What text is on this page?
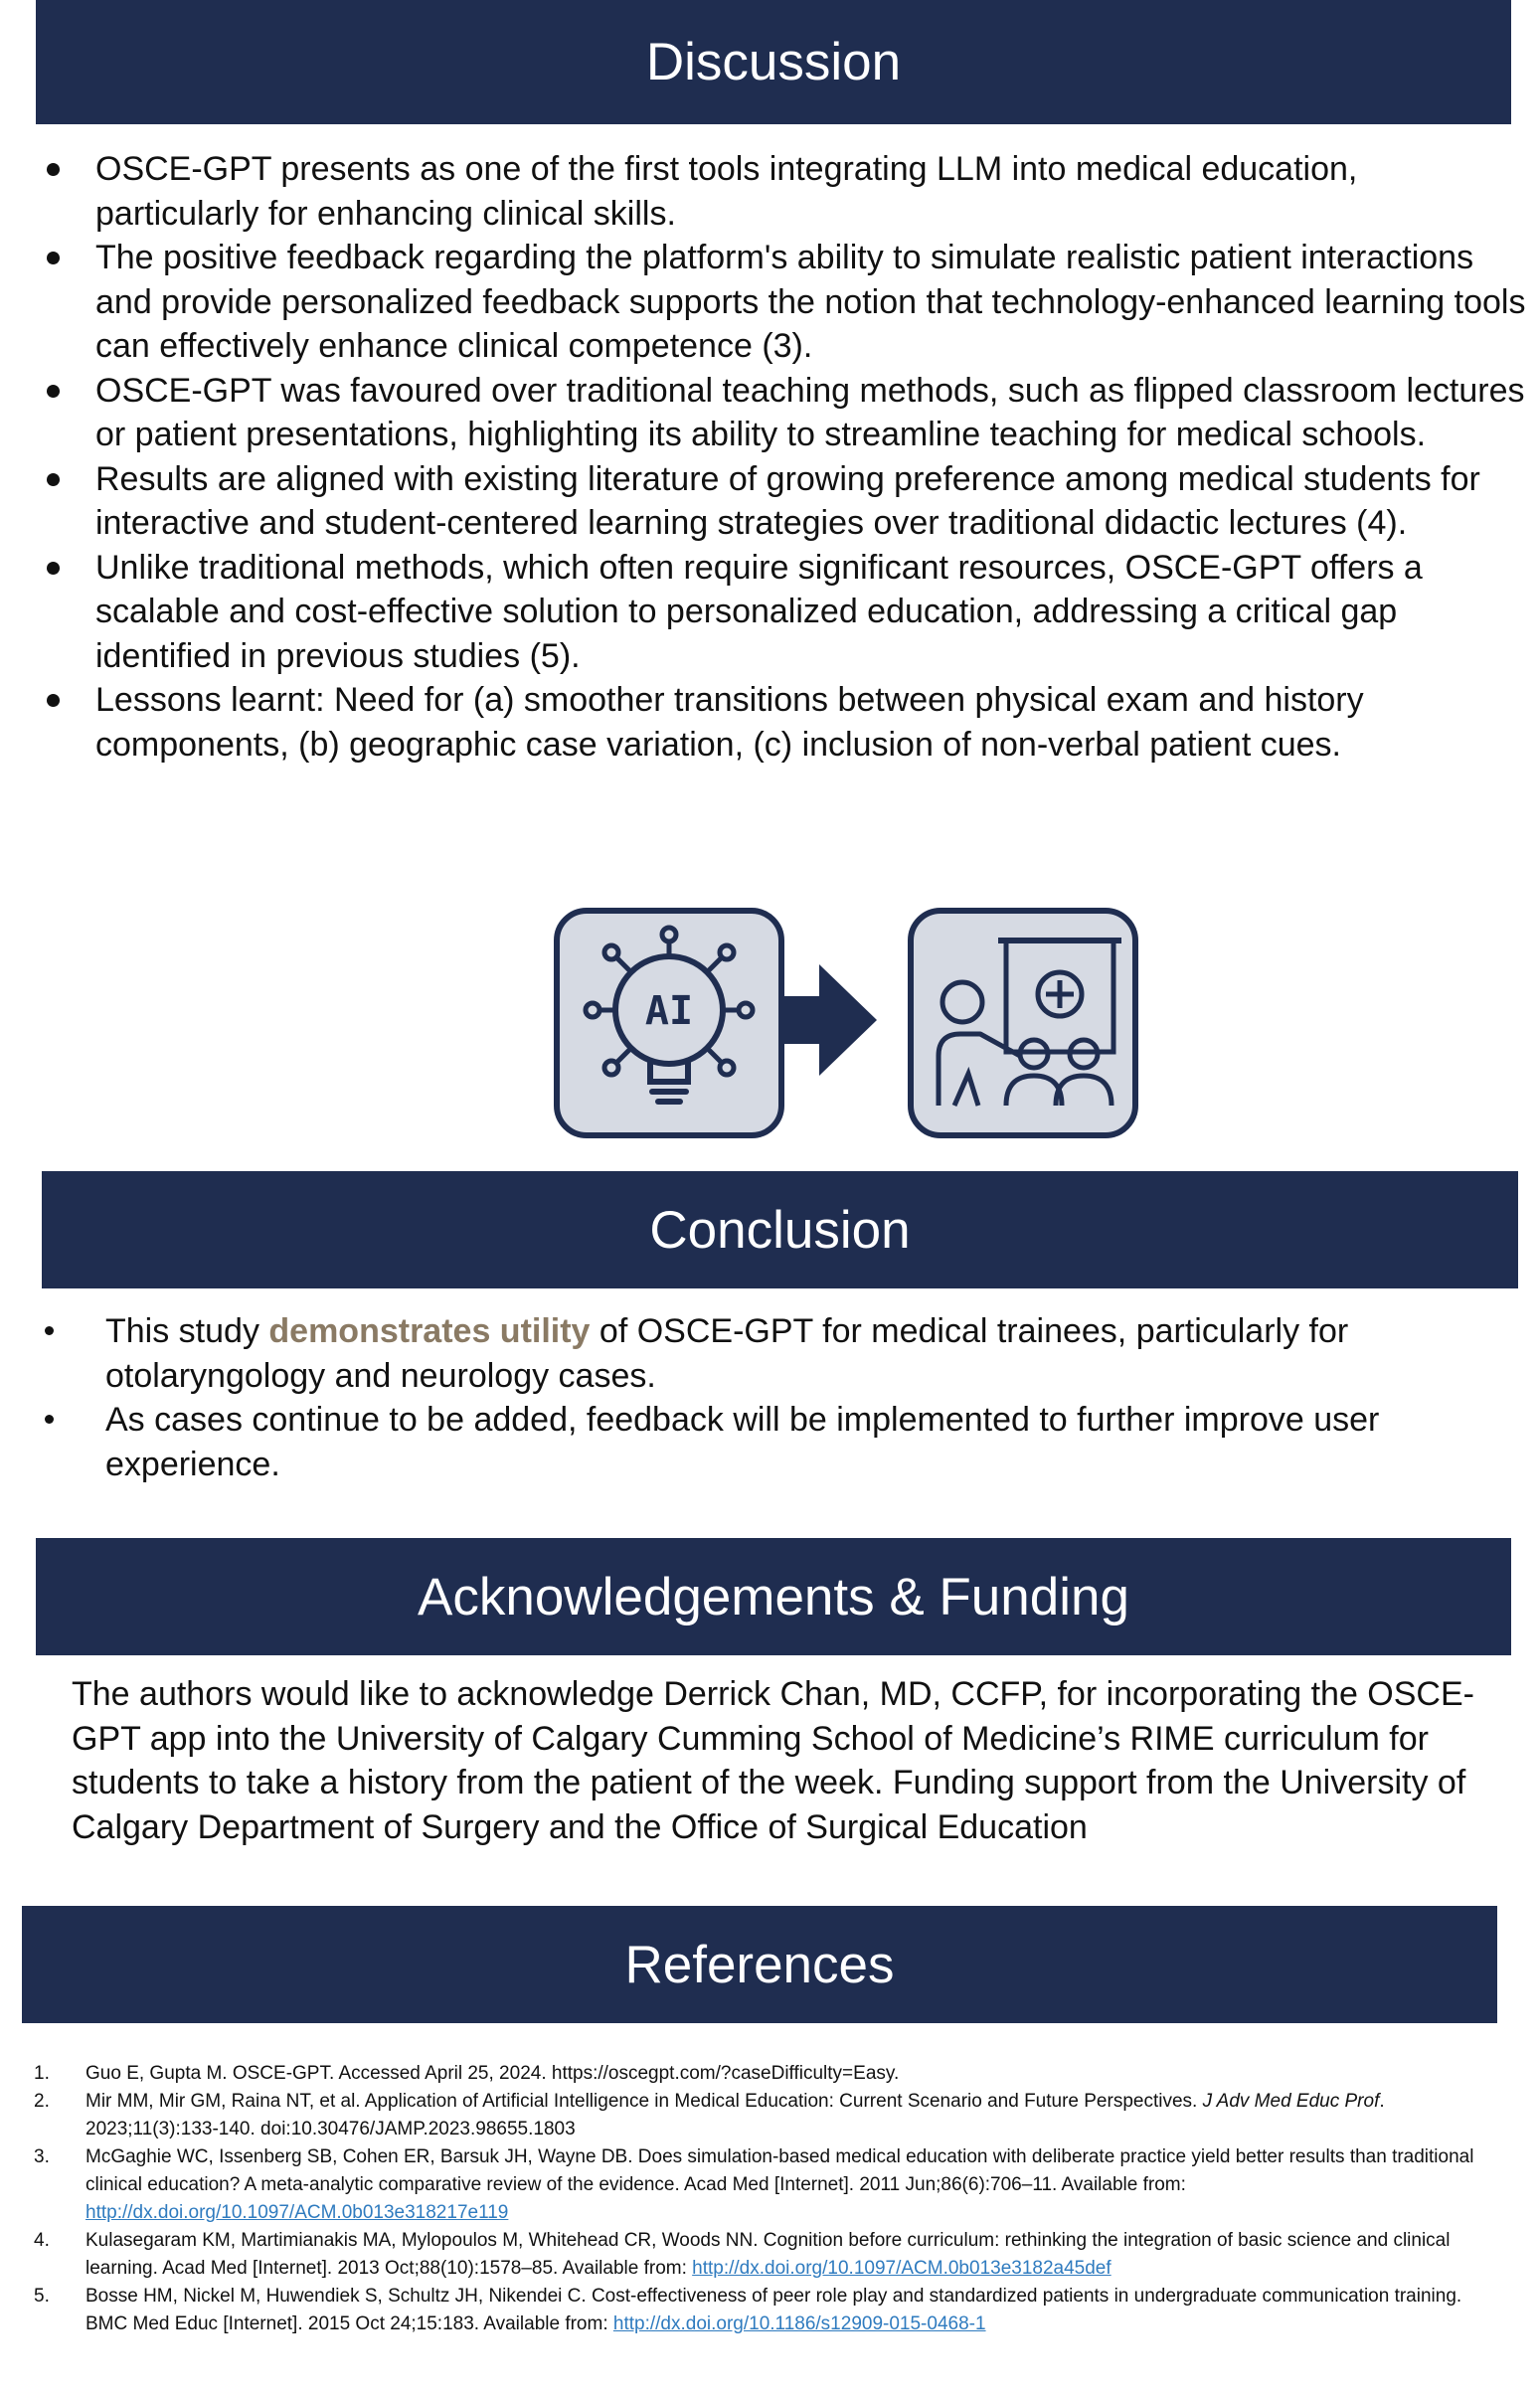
Discussion
OSCE-GPT presents as one of the first tools integrating LLM into medical education, particularly for enhancing clinical skills.
The positive feedback regarding the platform's ability to simulate realistic patient interactions and provide personalized feedback supports the notion that technology-enhanced learning tools can effectively enhance clinical competence (3).
OSCE-GPT was favoured over traditional teaching methods, such as flipped classroom lectures or patient presentations, highlighting its ability to streamline teaching for medical schools.
Results are aligned with existing literature of growing preference among medical students for interactive and student-centered learning strategies over traditional didactic lectures (4).
Unlike traditional methods, which often require significant resources, OSCE-GPT offers a scalable and cost-effective solution to personalized education, addressing a critical gap identified in previous studies (5).
Lessons learnt: Need for (a) smoother transitions between physical exam and history components, (b) geographic case variation, (c) inclusion of non-verbal patient cues.
AI
Conclusion
This study demonstrates utility of OSCE-GPT for medical trainees, particularly for otolaryngology and neurology cases.
As cases continue to be added, feedback will be implemented to further improve user experience.
Acknowledgements & Funding

The authors would like to acknowledge Derrick Chan, MD, CCFP, for incorporating the OSCE-GPT app into the University of Calgary Cumming School of Medicine’s RIME curriculum for students to take a history from the patient of the week. Funding support from the University of Calgary Department of Surgery and the Office of Surgical Education

References
1. Guo E, Gupta M. OSCE-GPT. Accessed April 25, 2024. https://oscegpt.com/?caseDifficulty=Easy.
2. Mir MM, Mir GM, Raina NT, et al. Application of Artificial Intelligence in Medical Education: Current Scenario and Future Perspectives. J Adv Med Educ Prof. 2023;11(3):133-140. doi:10.30476/JAMP.2023.98655.1803
3. McGaghie WC, Issenberg SB, Cohen ER, Barsuk JH, Wayne DB. Does simulation-based medical education with deliberate practice yield better results than traditional clinical education? A meta-analytic comparative review of the evidence. Acad Med [Internet]. 2011 Jun;86(6):706–11. Available from: http://dx.doi.org/10.1097/ACM.0b013e318217e119
4. Kulasegaram KM, Martimianakis MA, Mylopoulos M, Whitehead CR, Woods NN. Cognition before curriculum: rethinking the integration of basic science and clinical learning. Acad Med [Internet]. 2013 Oct;88(10):1578–85. Available from: http://dx.doi.org/10.1097/ACM.0b013e3182a45def
5. Bosse HM, Nickel M, Huwendiek S, Schultz JH, Nikendei C. Cost-effectiveness of peer role play and standardized patients in undergraduate communication training. BMC Med Educ [Internet]. 2015 Oct 24;15:183. Available from: http://dx.doi.org/10.1186/s12909-015-0468-1
